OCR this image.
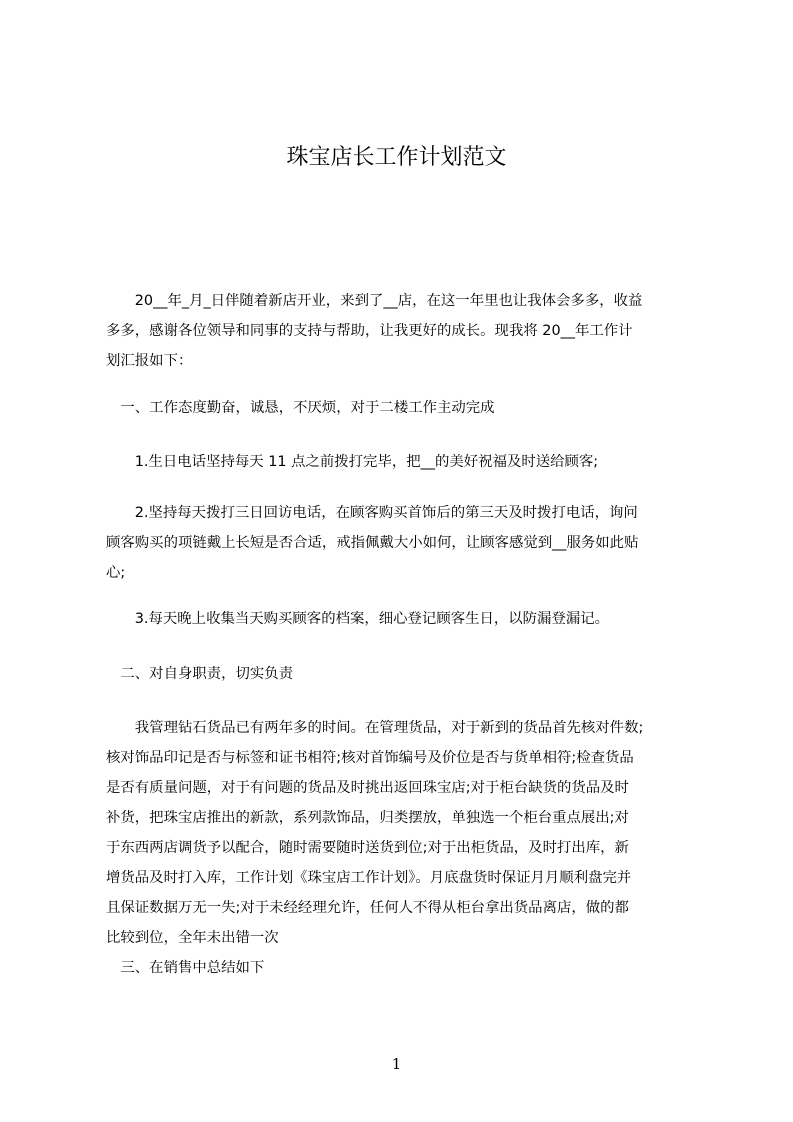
珠宝店长工作计划范文
　　20__年_月_日伴随着新店开业，来到了__店，在这一年里也让我体会多多，收益
多多，感谢各位领导和同事的支持与帮助，让我更好的成长。现我将 20__年工作计
划汇报如下：
　一、工作态度勤奋，诚恳，不厌烦，对于二楼工作主动完成
　　1.生日电话坚持每天 11 点之前拨打完毕，把__的美好祝福及时送给顾客;
　　2.坚持每天拨打三日回访电话，在顾客购买首饰后的第三天及时拨打电话，询问
顾客购买的项链戴上长短是否合适，戒指佩戴大小如何，让顾客感觉到__服务如此贴
心;
　　3.每天晚上收集当天购买顾客的档案，细心登记顾客生日，以防漏登漏记。
　二、对自身职责，切实负责
　　我管理钻石货品已有两年多的时间。在管理货品，对于新到的货品首先核对件数;
核对饰品印记是否与标签和证书相符;核对首饰编号及价位是否与货单相符;检查货品
是否有质量问题，对于有问题的货品及时挑出返回珠宝店;对于柜台缺货的货品及时
补货，把珠宝店推出的新款，系列款饰品，归类摆放，单独选一个柜台重点展出;对
于东西两店调货予以配合，随时需要随时送货到位;对于出柜货品，及时打出库，新
增货品及时打入库，工作计划《珠宝店工作计划》。月底盘货时保证月月顺利盘完并
且保证数据万无一失;对于未经经理允许，任何人不得从柜台拿出货品离店，做的都
比较到位，全年未出错一次
　三、在销售中总结如下
1
